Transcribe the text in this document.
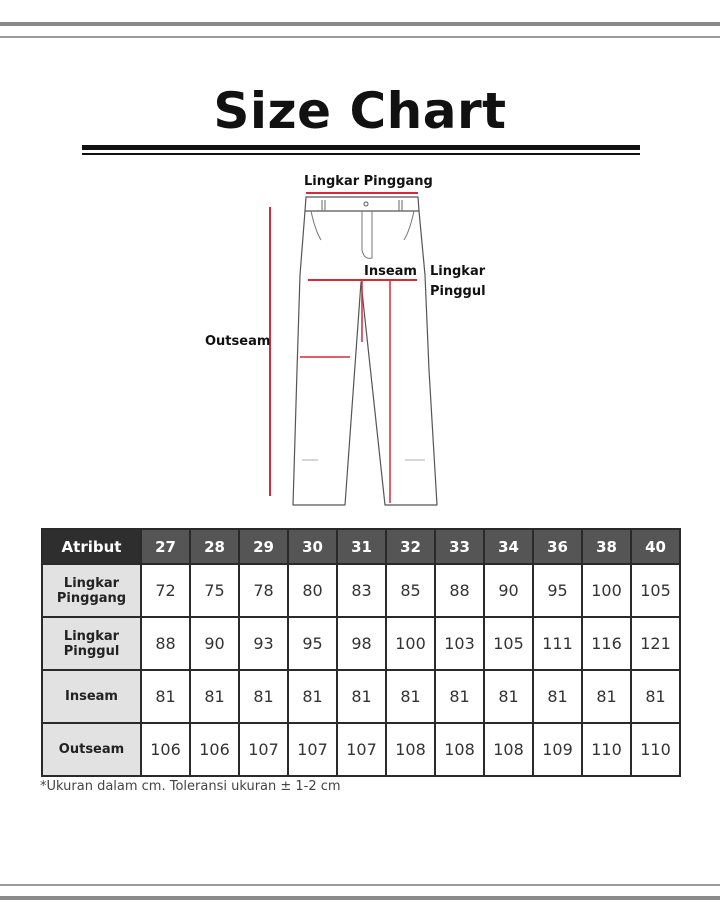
Size Chart
Lingkar Pinggang
Inseam Lingkar
Pinggul
Outseam
Atribut	27	28	29	30	31	32	33	34	36	38	40
Lingkar
Pinggang	72	75	78	80	83	85	88	90	95	100	105
Lingkar
Pinggul	88	90	93	95	98	100	103	105	111	116	121
Inseam	81	81	81	81	81	81	81	81	81	81	81
Outseam	106	106	107	107	107	108	108	108	109	110	110
*Ukuran dalam cm. Toleransi ukuran ± 1-2 cm
